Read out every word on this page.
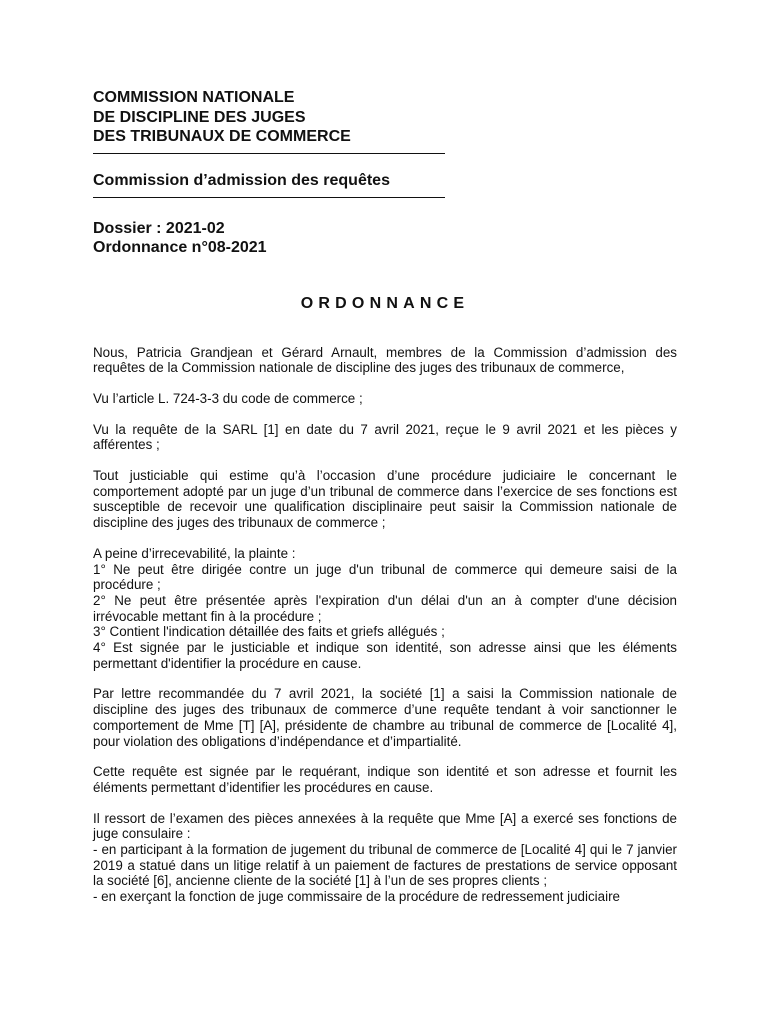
COMMISSION NATIONALE
DE DISCIPLINE DES JUGES
DES TRIBUNAUX DE COMMERCE
Commission d’admission des requêtes
Dossier : 2021-02
Ordonnance n°08-2021
ORDONNANCE

Nous, Patricia Grandjean et Gérard Arnault, membres de la Commission d’admission des requêtes de la Commission nationale de discipline des juges des tribunaux de commerce,

Vu l’article L. 724-3-3 du code de commerce ;

Vu la requête de la SARL [1] en date du 7 avril 2021, reçue le 9 avril 2021 et les pièces y afférentes ;

Tout justiciable qui estime qu’à l’occasion d’une procédure judiciaire le concernant le comportement adopté par un juge d’un tribunal de commerce dans l’exercice de ses fonctions est susceptible de recevoir une qualification disciplinaire peut saisir la Commission nationale de discipline des juges des tribunaux de commerce ;

A peine d’irrecevabilité, la plainte :
1° Ne peut être dirigée contre un juge d'un tribunal de commerce qui demeure saisi de la procédure ;
2° Ne peut être présentée après l'expiration d'un délai d'un an à compter d'une décision irrévocable mettant fin à la procédure ;
3° Contient l'indication détaillée des faits et griefs allégués ;
4° Est signée par le justiciable et indique son identité, son adresse ainsi que les éléments permettant d'identifier la procédure en cause.

Par lettre recommandée du 7 avril 2021, la société [1] a saisi la Commission nationale de discipline des juges des tribunaux de commerce d’une requête tendant à voir sanctionner le comportement de Mme [T] [A], présidente de chambre au tribunal de commerce de [Localité 4], pour violation des obligations d’indépendance et d’impartialité.

Cette requête est signée par le requérant, indique son identité et son adresse et fournit les éléments permettant d’identifier les procédures en cause.

Il ressort de l’examen des pièces annexées à la requête que Mme [A] a exercé ses fonctions de juge consulaire :
- en participant à la formation de jugement du tribunal de commerce de [Localité 4] qui le 7 janvier 2019 a statué dans un litige relatif à un paiement de factures de prestations de service opposant la société [6], ancienne cliente de la société [1] à l’un de ses propres clients ;
- en exerçant la fonction de juge commissaire de la procédure de redressement judiciaire
